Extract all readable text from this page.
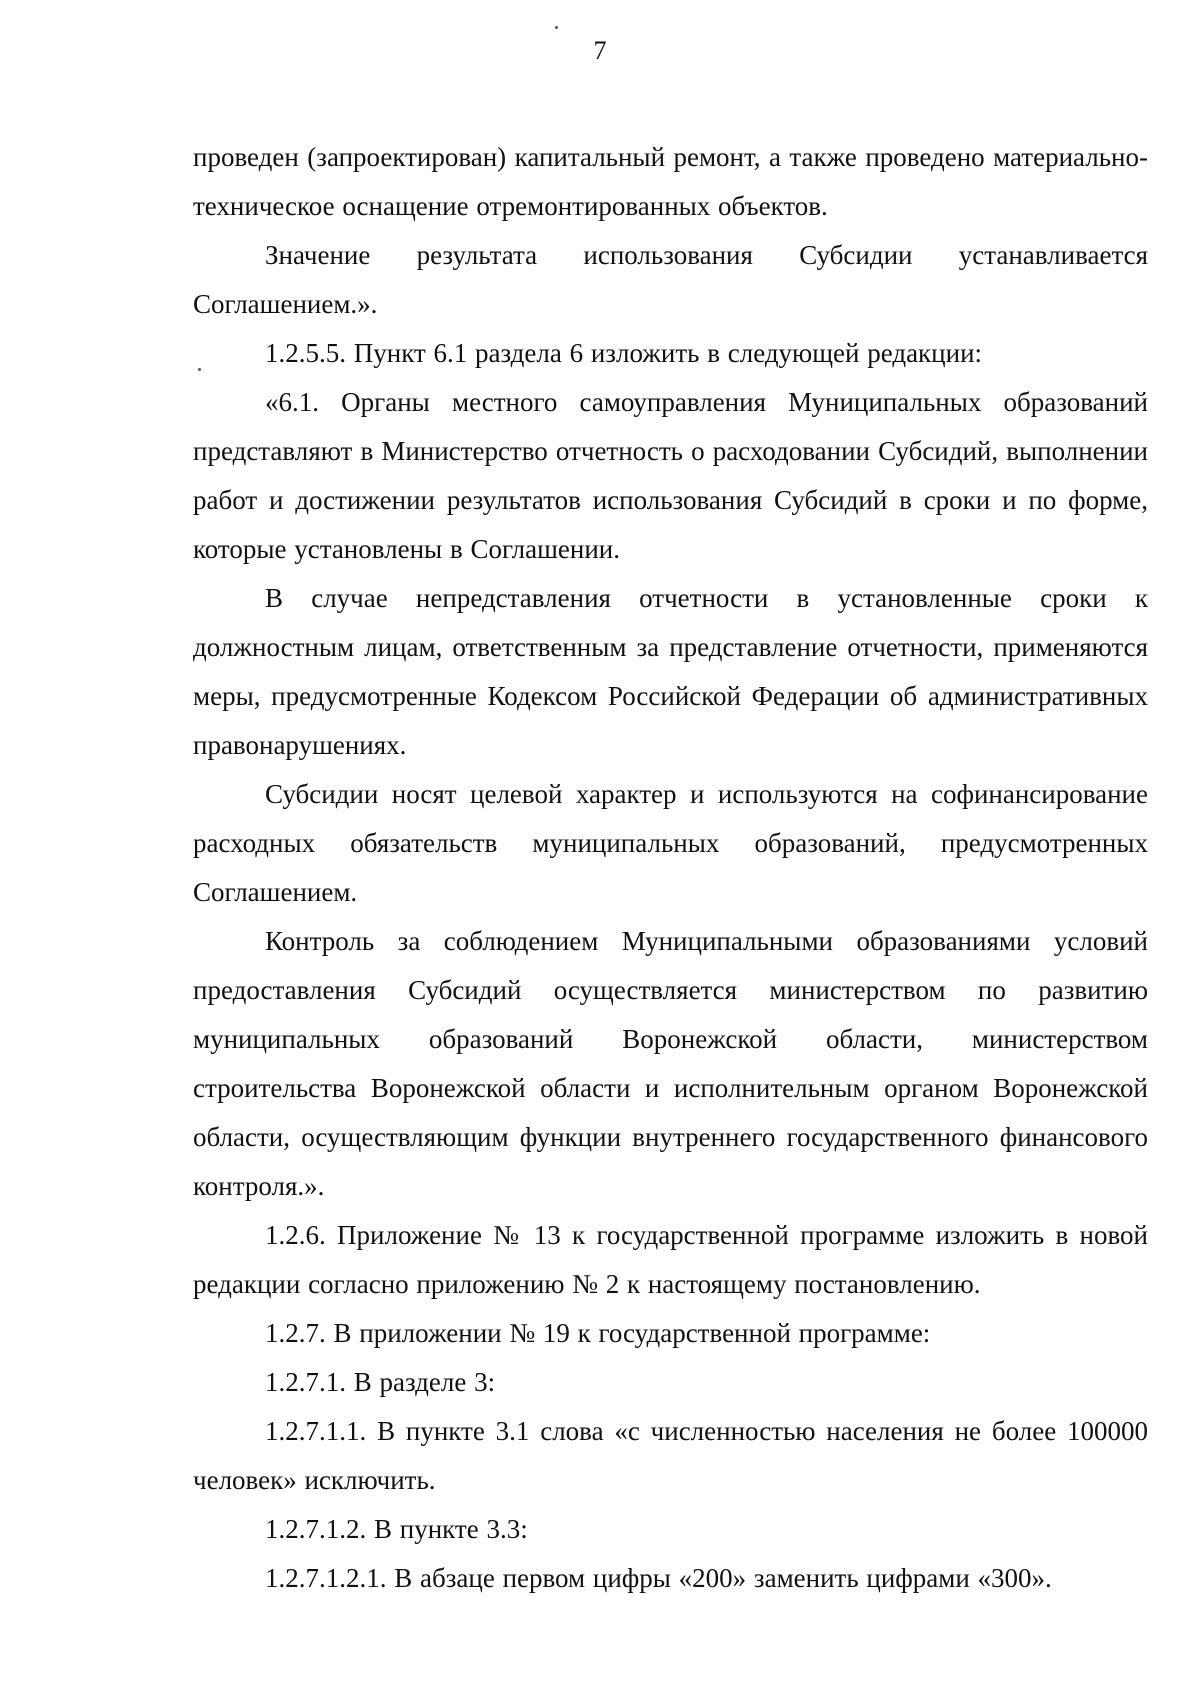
7

проведен (запроектирован) капитальный ремонт, а также проведено материально-техническое оснащение отремонтированных объектов.

Значение результата использования Субсидии устанавливается Соглашением.».

1.2.5.5. Пункт 6.1 раздела 6 изложить в следующей редакции:

«6.1. Органы местного самоуправления Муниципальных образований представляют в Министерство отчетность о расходовании Субсидий, выполнении работ и достижении результатов использования Субсидий в сроки и по форме, которые установлены в Соглашении.

В случае непредставления отчетности в установленные сроки к должностным лицам, ответственным за представление отчетности, применяются меры, предусмотренные Кодексом Российской Федерации об административных правонарушениях.

Субсидии носят целевой характер и используются на софинансирование расходных обязательств муниципальных образований, предусмотренных Соглашением.

Контроль за соблюдением Муниципальными образованиями условий предоставления Субсидий осуществляется министерством по развитию муниципальных образований Воронежской области, министерством строительства Воронежской области и исполнительным органом Воронежской области, осуществляющим функции внутреннего государственного финансового контроля.».

1.2.6. Приложение № 13 к государственной программе изложить в новой редакции согласно приложению № 2 к настоящему постановлению.

1.2.7. В приложении № 19 к государственной программе:

1.2.7.1. В разделе 3:

1.2.7.1.1. В пункте 3.1 слова «с численностью населения не более 100000 человек» исключить.

1.2.7.1.2. В пункте 3.3:

1.2.7.1.2.1. В абзаце первом цифры «200» заменить цифрами «300».
